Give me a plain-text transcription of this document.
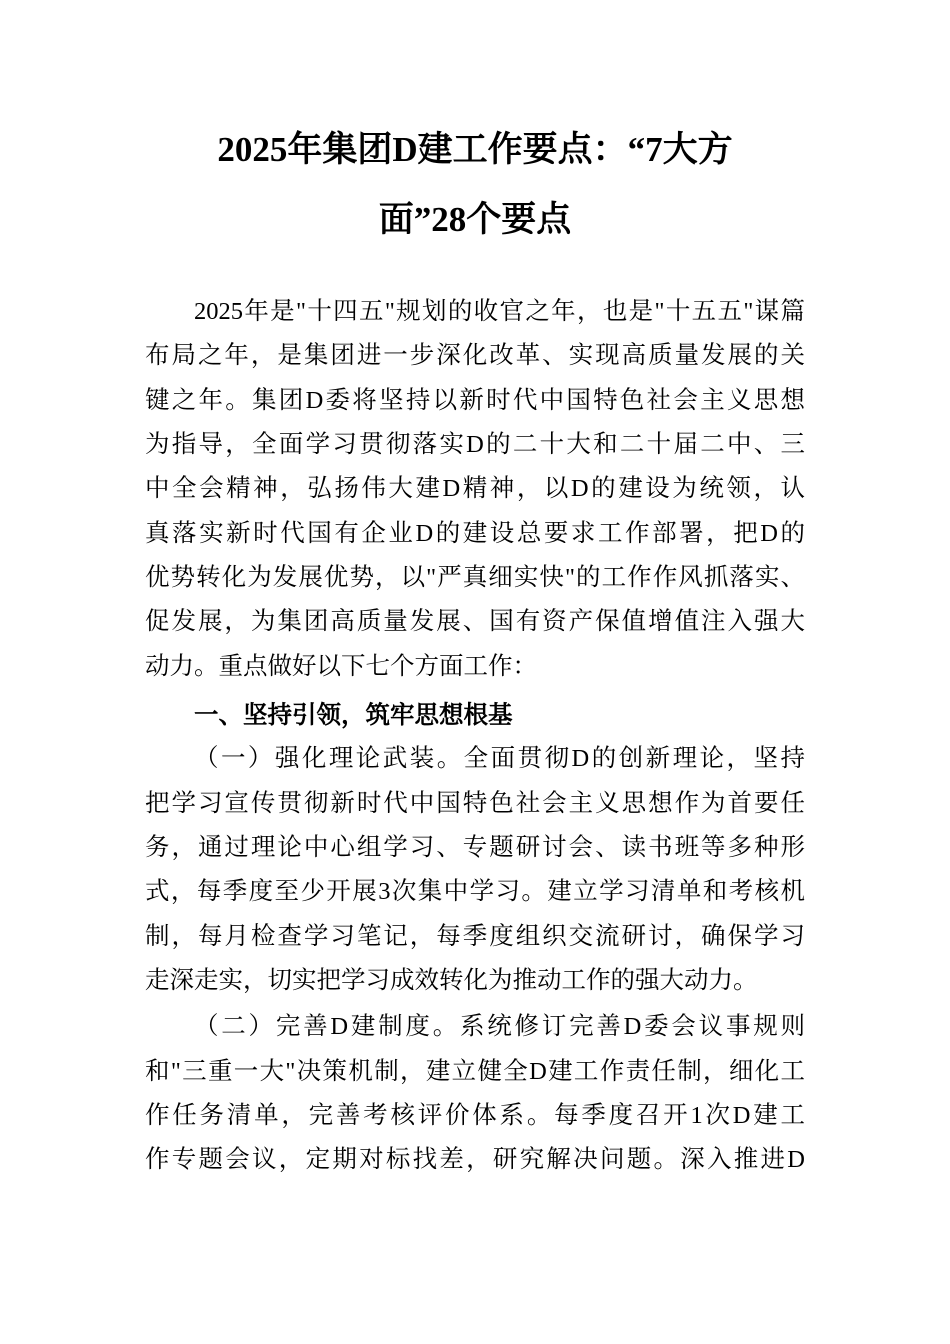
2025年集团D建工作要点：“7大方
面”28个要点
2025年是"十四五"规划的收官之年，也是"十五五"谋篇
布局之年，是集团进一步深化改革、实现高质量发展的关
键之年。集团D委将坚持以新时代中国特色社会主义思想
为指导，全面学习贯彻落实D的二十大和二十届二中、三
中全会精神，弘扬伟大建D精神，以D的建设为统领，认
真落实新时代国有企业D的建设总要求工作部署，把D的
优势转化为发展优势，以"严真细实快"的工作作风抓落实、
促发展，为集团高质量发展、国有资产保值增值注入强大
动力。重点做好以下七个方面工作：
一、坚持引领，筑牢思想根基
（一）强化理论武装。全面贯彻D的创新理论，坚持
把学习宣传贯彻新时代中国特色社会主义思想作为首要任
务，通过理论中心组学习、专题研讨会、读书班等多种形
式，每季度至少开展3次集中学习。建立学习清单和考核机
制，每月检查学习笔记，每季度组织交流研讨，确保学习
走深走实，切实把学习成效转化为推动工作的强大动力。
（二）完善D建制度。系统修订完善D委会议事规则
和"三重一大"决策机制，建立健全D建工作责任制，细化工
作任务清单，完善考核评价体系。每季度召开1次D建工
作专题会议，定期对标找差，研究解决问题。深入推进D
